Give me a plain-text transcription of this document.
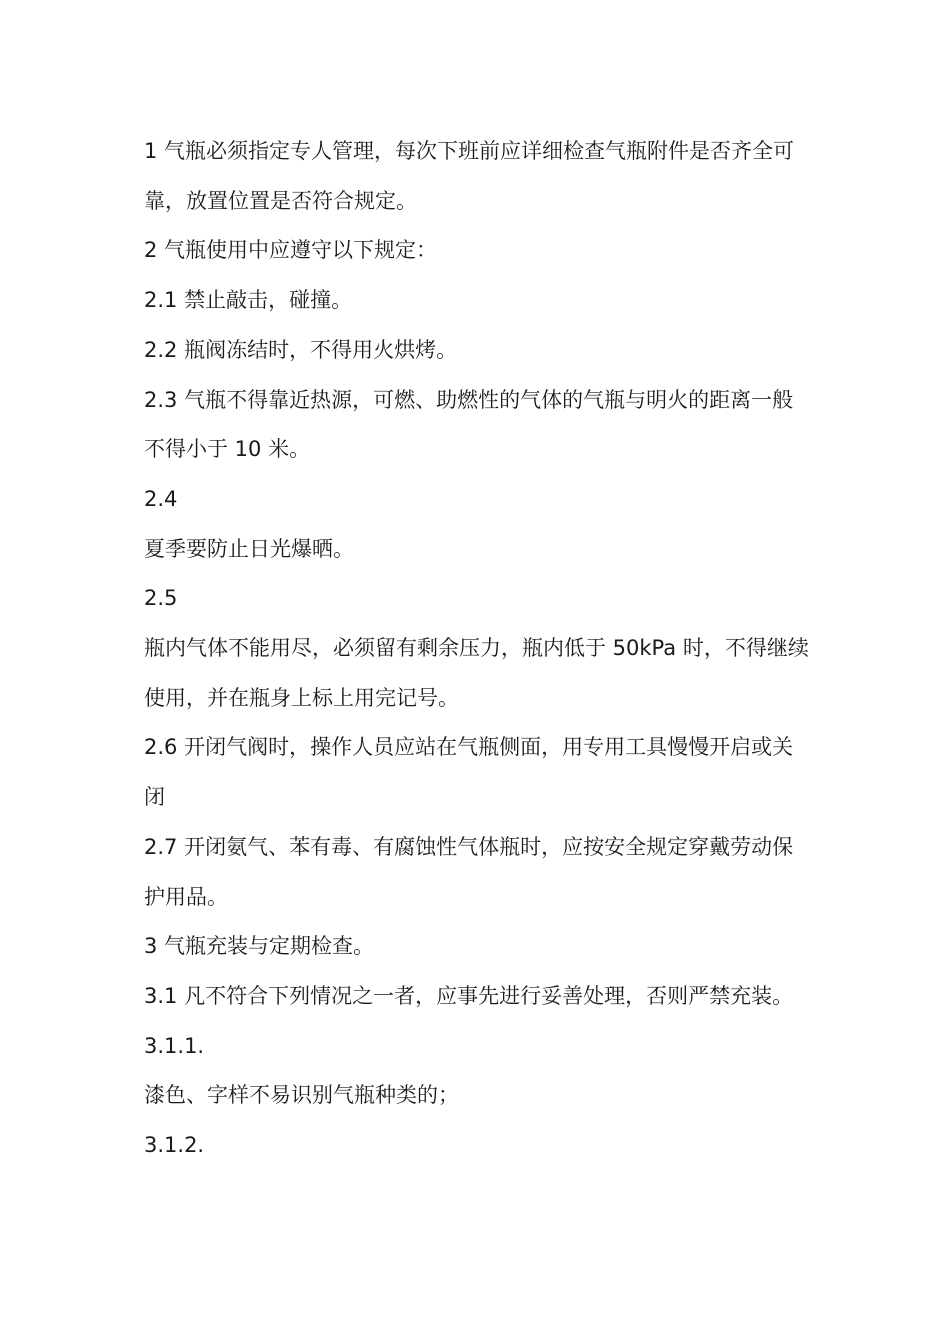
1 气瓶必须指定专人管理，每次下班前应详细检查气瓶附件是否齐全可靠，放置位置是否符合规定。

2 气瓶使用中应遵守以下规定：

2.1 禁止敲击，碰撞。

2.2 瓶阀冻结时，不得用火烘烤。

2.3 气瓶不得靠近热源，可燃、助燃性的气体的气瓶与明火的距离一般不得小于 10 米。

2.4

夏季要防止日光爆晒。

2.5

瓶内气体不能用尽，必须留有剩余压力，瓶内低于 50kPa 时，不得继续使用，并在瓶身上标上用完记号。

2.6 开闭气阀时，操作人员应站在气瓶侧面，用专用工具慢慢开启或关闭

2.7 开闭氨气、苯有毒、有腐蚀性气体瓶时，应按安全规定穿戴劳动保护用品。

3 气瓶充装与定期检查。

3.1 凡不符合下列情况之一者，应事先进行妥善处理，否则严禁充装。

3.1.1.

漆色、字样不易识别气瓶种类的；

3.1.2.
